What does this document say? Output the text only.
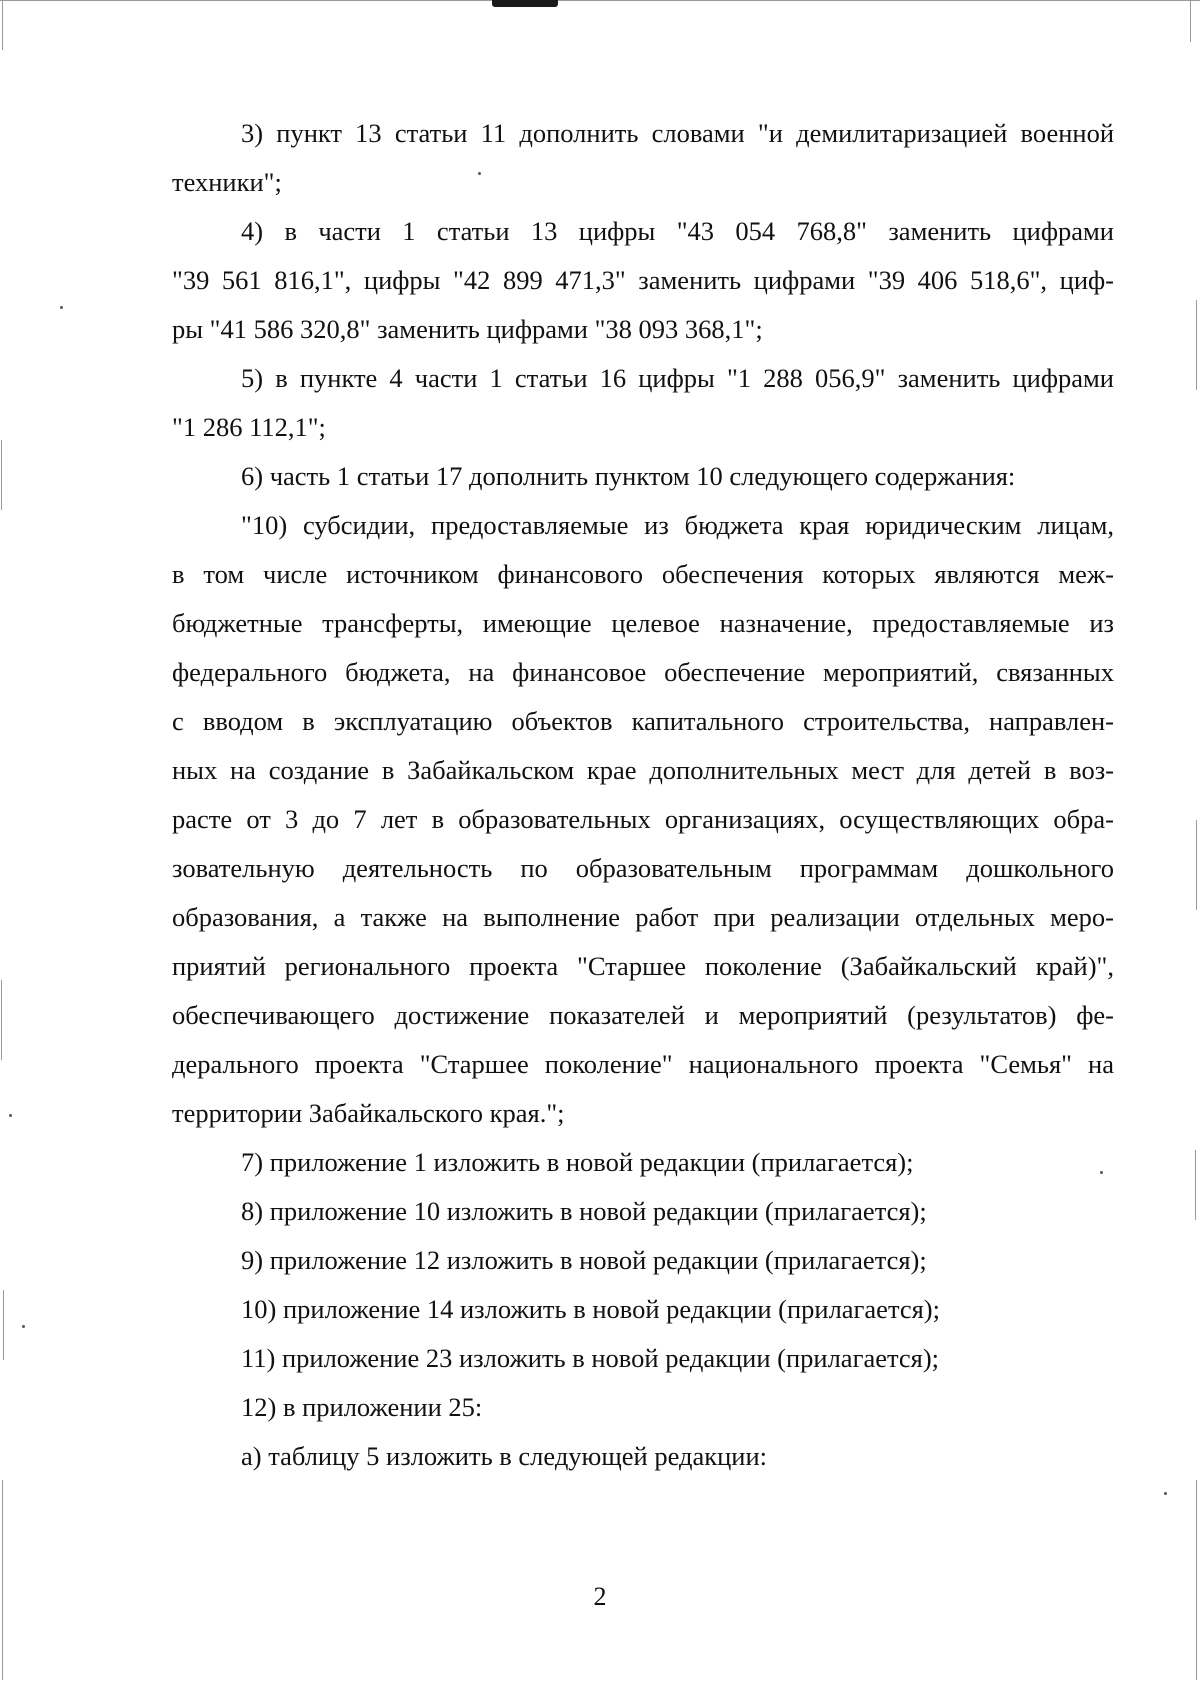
3) пункт 13 статьи 11 дополнить словами "и демилитаризацией военной
техники";
4) в части 1 статьи 13 цифры "43 054 768,8" заменить цифрами
"39 561 816,1", цифры "42 899 471,3" заменить цифрами "39 406 518,6", циф-
ры "41 586 320,8" заменить цифрами "38 093 368,1";
5) в пункте 4 части 1 статьи 16 цифры "1 288 056,9" заменить цифрами
"1 286 112,1";
6) часть 1 статьи 17 дополнить пунктом 10 следующего содержания:
"10) субсидии, предоставляемые из бюджета края юридическим лицам,
в том числе источником финансового обеспечения которых являются меж-
бюджетные трансферты, имеющие целевое назначение, предоставляемые из
федерального бюджета, на финансовое обеспечение мероприятий, связанных
с вводом в эксплуатацию объектов капитального строительства, направлен-
ных на создание в Забайкальском крае дополнительных мест для детей в воз-
расте от 3 до 7 лет в образовательных организациях, осуществляющих обра-
зовательную деятельность по образовательным программам дошкольного
образования, а также на выполнение работ при реализации отдельных меро-
приятий регионального проекта "Старшее поколение (Забайкальский край)",
обеспечивающего достижение показателей и мероприятий (результатов) фе-
дерального проекта "Старшее поколение" национального проекта "Семья" на
территории Забайкальского края.";

7) приложение 1 изложить в новой редакции (прилагается);

8) приложение 10 изложить в новой редакции (прилагается);

9) приложение 12 изложить в новой редакции (прилагается);

10) приложение 14 изложить в новой редакции (прилагается);

11) приложение 23 изложить в новой редакции (прилагается);

12) в приложении 25:

а) таблицу 5 изложить в следующей редакции:

2
